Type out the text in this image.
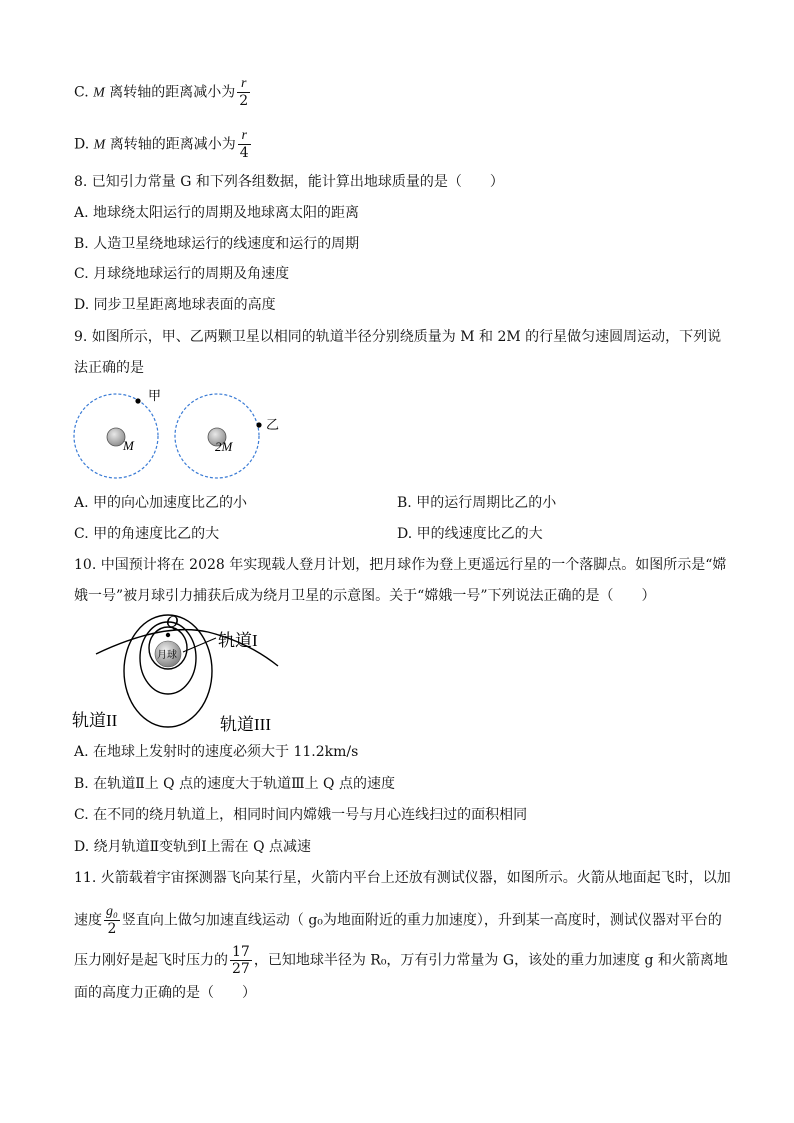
C. M 离转轴的距离减小为 $\frac{r}{2}$
D. M 离转轴的距离减小为 $\frac{r}{4}$
8. 已知引力常量 G 和下列各组数据，能计算出地球质量的是（　　）
A. 地球绕太阳运行的周期及地球离太阳的距离
B. 人造卫星绕地球运行的线速度和运行的周期
C. 月球绕地球运行的周期及角速度
D. 同步卫星距离地球表面的高度
9. 如图所示，甲、乙两颗卫星以相同的轨道半径分别绕质量为 M 和 2M 的行星做匀速圆周运动，下列说
法正确的是
甲
M
乙
2M
A. 甲的向心加速度比乙的小	B. 甲的运行周期比乙的小
C. 甲的角速度比乙的大	D. 甲的线速度比乙的大
10. 中国预计将在 2028 年实现载人登月计划，把月球作为登上更遥远行星的一个落脚点。如图所示是“嫦
娥一号”被月球引力捕获后成为绕月卫星的示意图。关于“嫦娥一号”下列说法正确的是（　　）
月球
Q
轨道I
轨道II	轨道III
A. 在地球上发射时的速度必须大于 11.2km/s
B. 在轨道Ⅱ上 Q 点的速度大于轨道Ⅲ上 Q 点的速度
C. 在不同的绕月轨道上，相同时间内嫦娥一号与月心连线扫过的面积相同
D. 绕月轨道Ⅱ变轨到Ⅰ上需在 Q 点减速
11. 火箭载着宇宙探测器飞向某行星，火箭内平台上还放有测试仪器，如图所示。火箭从地面起飞时，以加
速度 $\frac{\text{g₀}}{2}$ 竖直向上做匀加速直线运动（ g₀为地面附近的重力加速度），升到某一高度时，测试仪器对平台的
压力刚好是起飞时压力的 $\frac{17}{27}$ ，已知地球半径为 R₀，万有引力常量为 G，该处的重力加速度 g 和火箭离地
面的高度力正确的是（　　）
